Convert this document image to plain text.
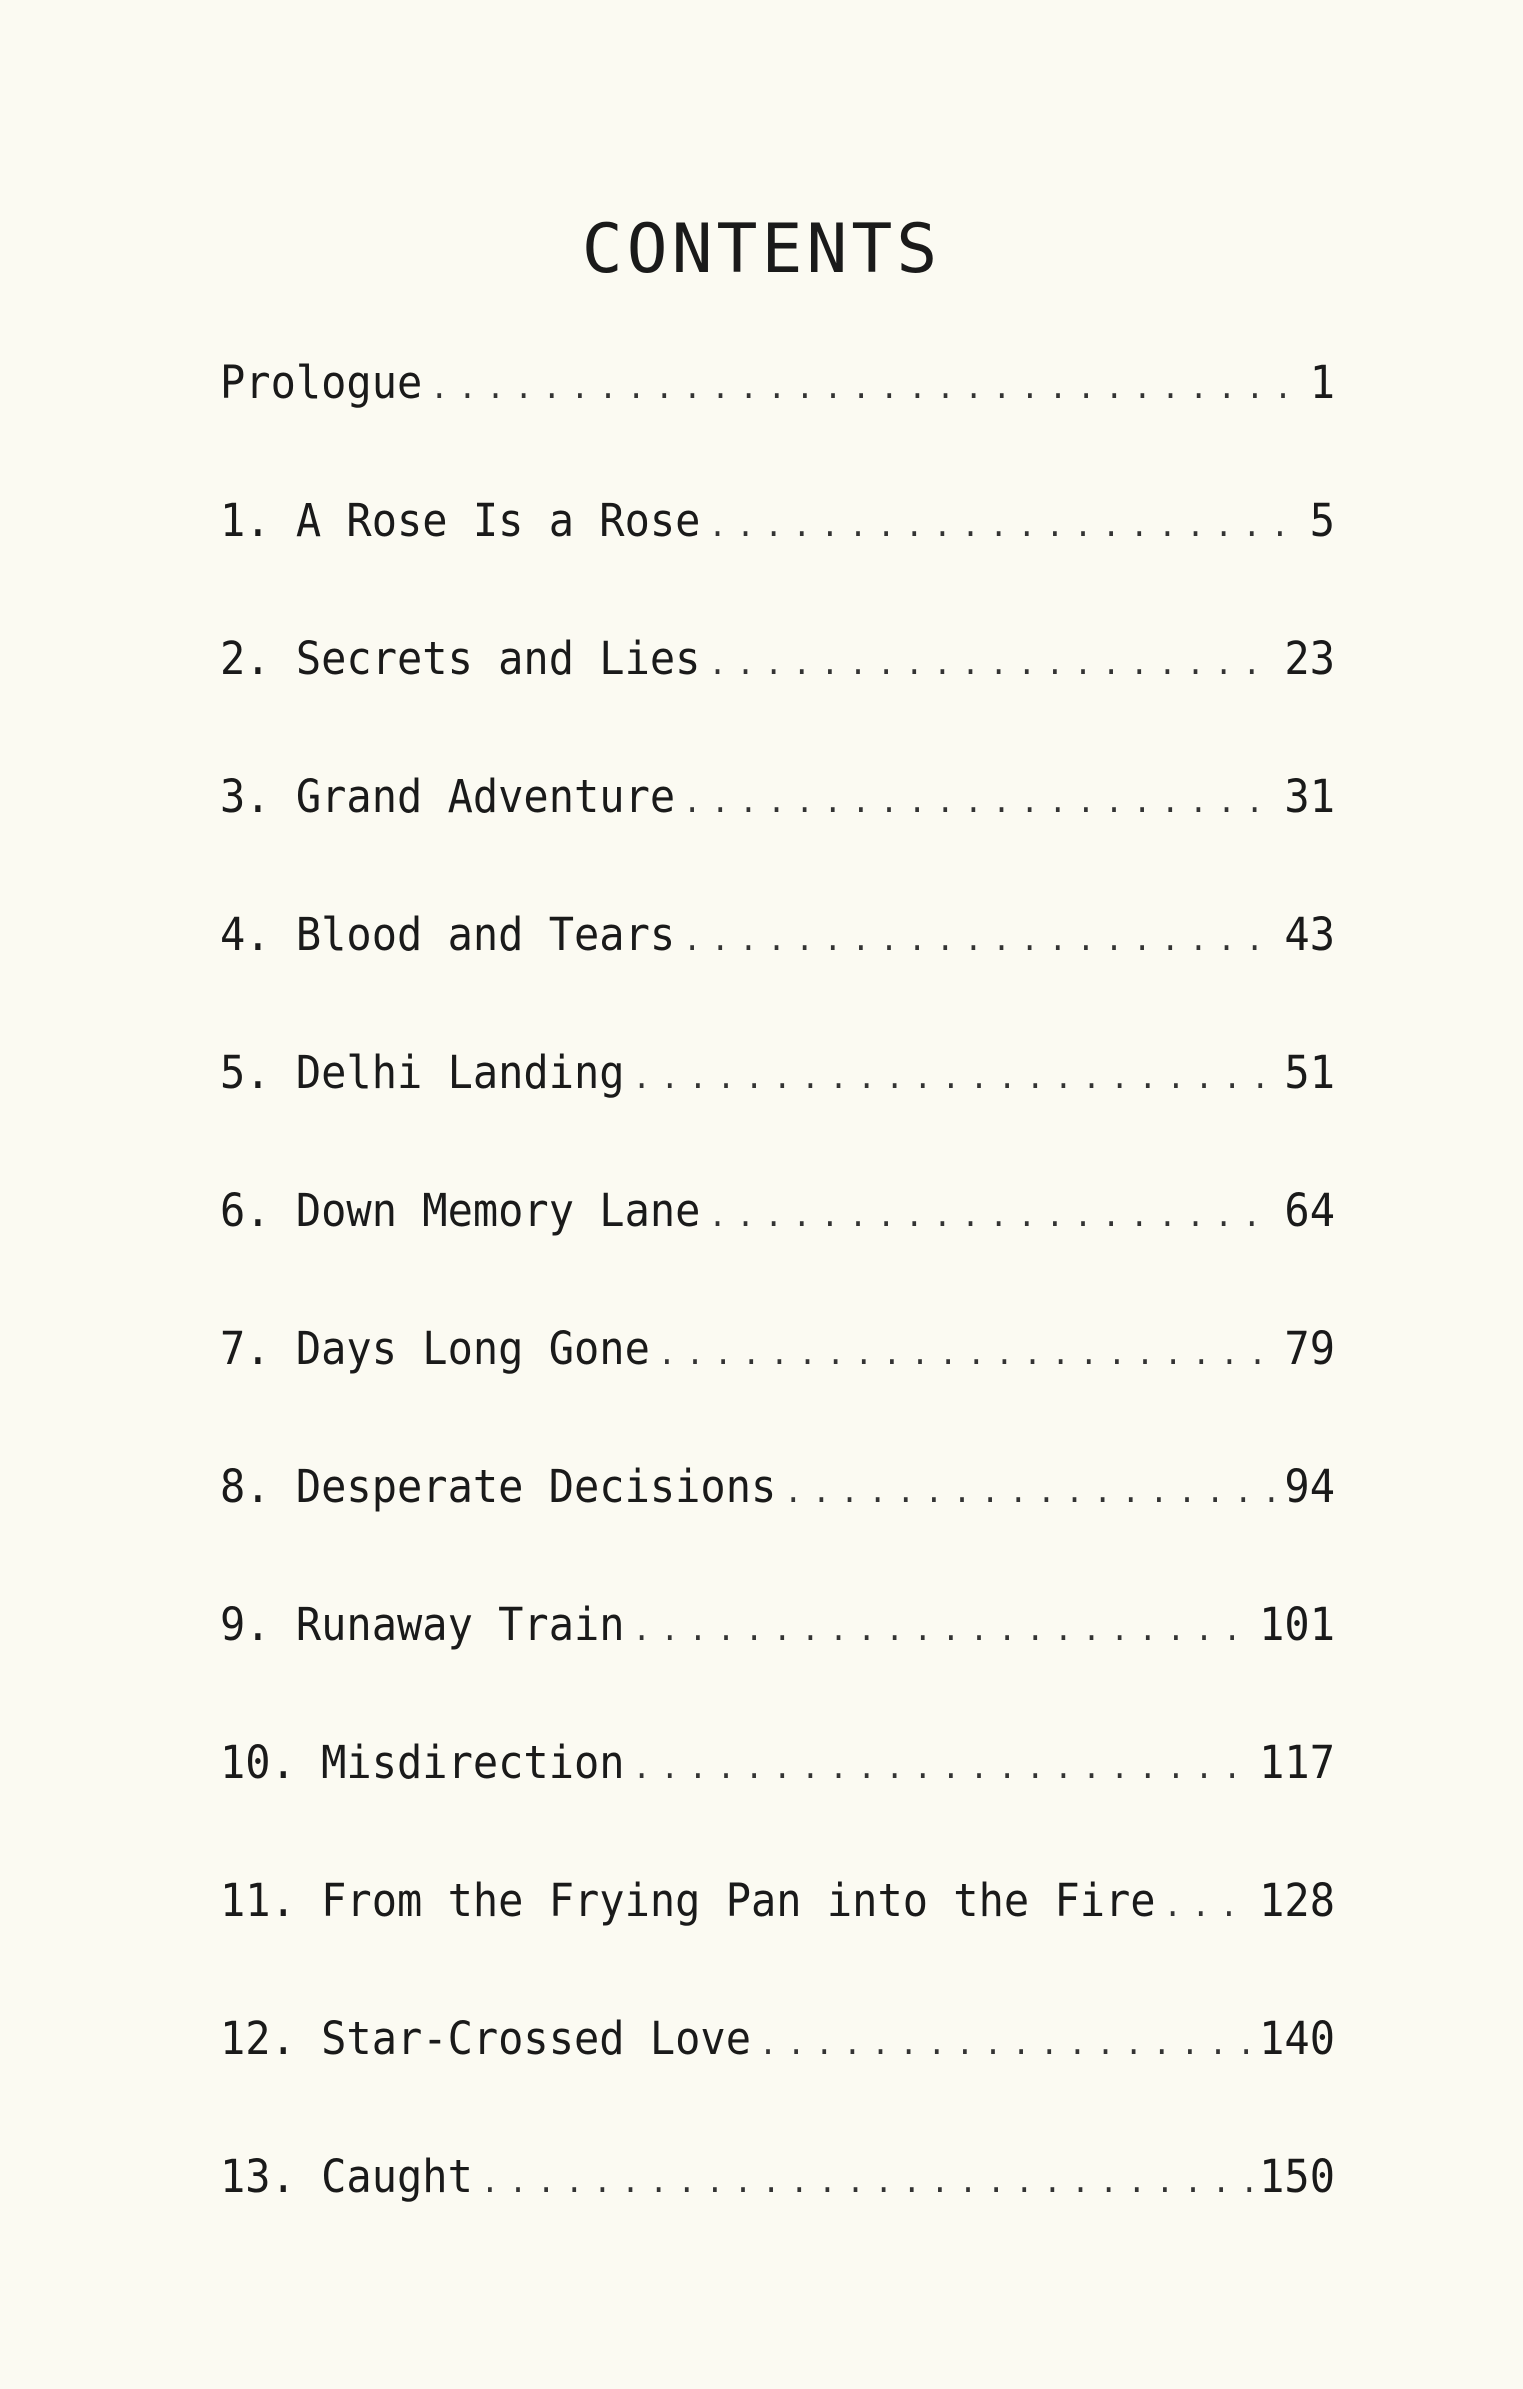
CONTENTS
Prologue . . .	1
1. A Rose Is a Rose . . .	5
2. Secrets and Lies . . .	23
3. Grand Adventure . . .	31
4. Blood and Tears . . .	43
5. Delhi Landing . . .	51
6. Down Memory Lane . . .	64
7. Days Long Gone . . .	79
8. Desperate Decisions . . .	94
9. Runaway Train . . .	101
10. Misdirection . . .	117
11. From the Frying Pan into the Fire . . . 128
12. Star-Crossed Love . . .	140
13. Caught . . .	150
